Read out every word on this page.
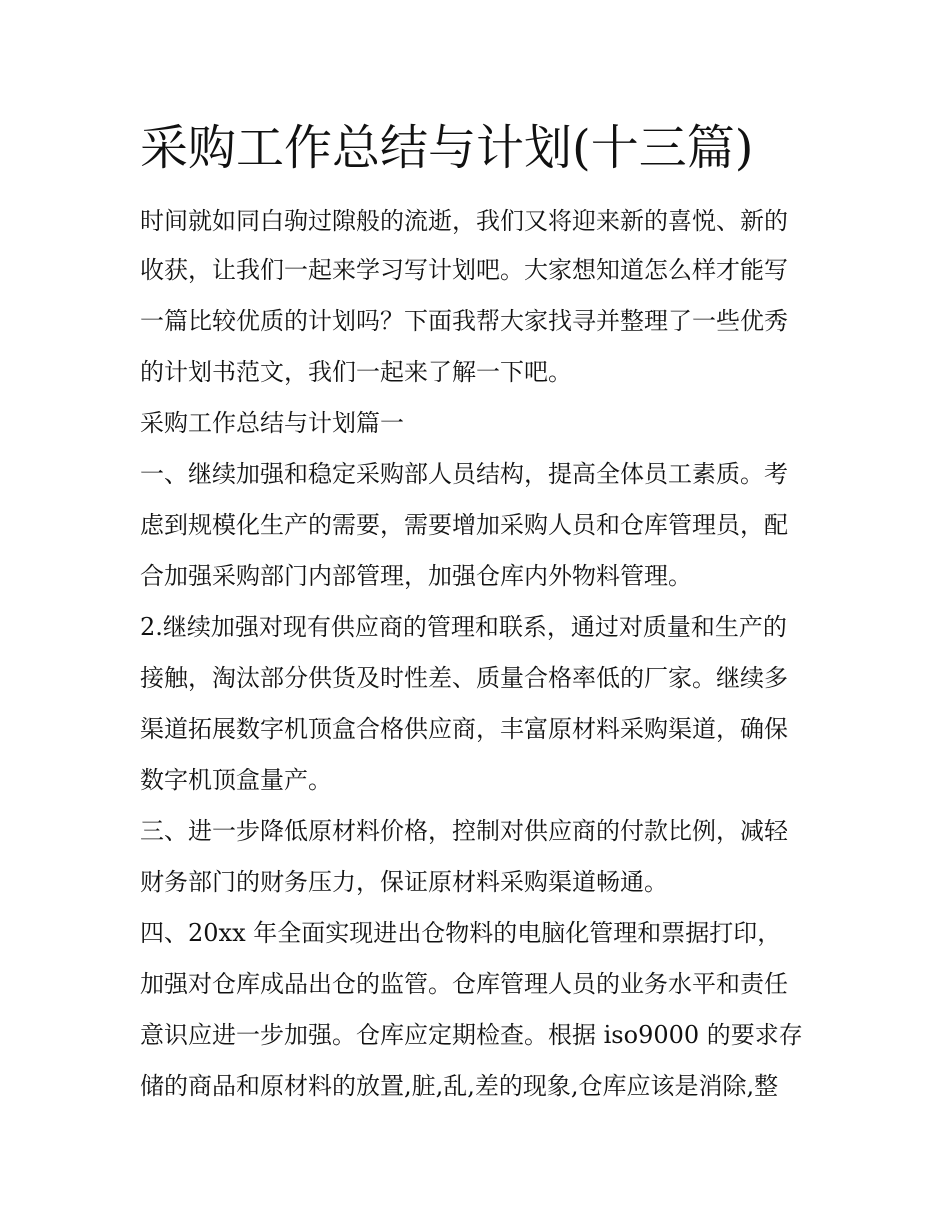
采购工作总结与计划(十三篇)
时间就如同白驹过隙般的流逝，我们又将迎来新的喜悦、新的
收获，让我们一起来学习写计划吧。大家想知道怎么样才能写
一篇比较优质的计划吗？下面我帮大家找寻并整理了一些优秀
的计划书范文，我们一起来了解一下吧。
采购工作总结与计划篇一
一、继续加强和稳定采购部人员结构，提高全体员工素质。考
虑到规模化生产的需要，需要增加采购人员和仓库管理员，配
合加强采购部门内部管理，加强仓库内外物料管理。
2.继续加强对现有供应商的管理和联系，通过对质量和生产的
接触，淘汰部分供货及时性差、质量合格率低的厂家。继续多
渠道拓展数字机顶盒合格供应商，丰富原材料采购渠道，确保
数字机顶盒量产。
三、进一步降低原材料价格，控制对供应商的付款比例，减轻
财务部门的财务压力，保证原材料采购渠道畅通。
四、20xx 年全面实现进出仓物料的电脑化管理和票据打印，
加强对仓库成品出仓的监管。仓库管理人员的业务水平和责任
意识应进一步加强。仓库应定期检查。根据 iso9000 的要求存
储的商品和原材料的放置,脏,乱,差的现象,仓库应该是消除,整
